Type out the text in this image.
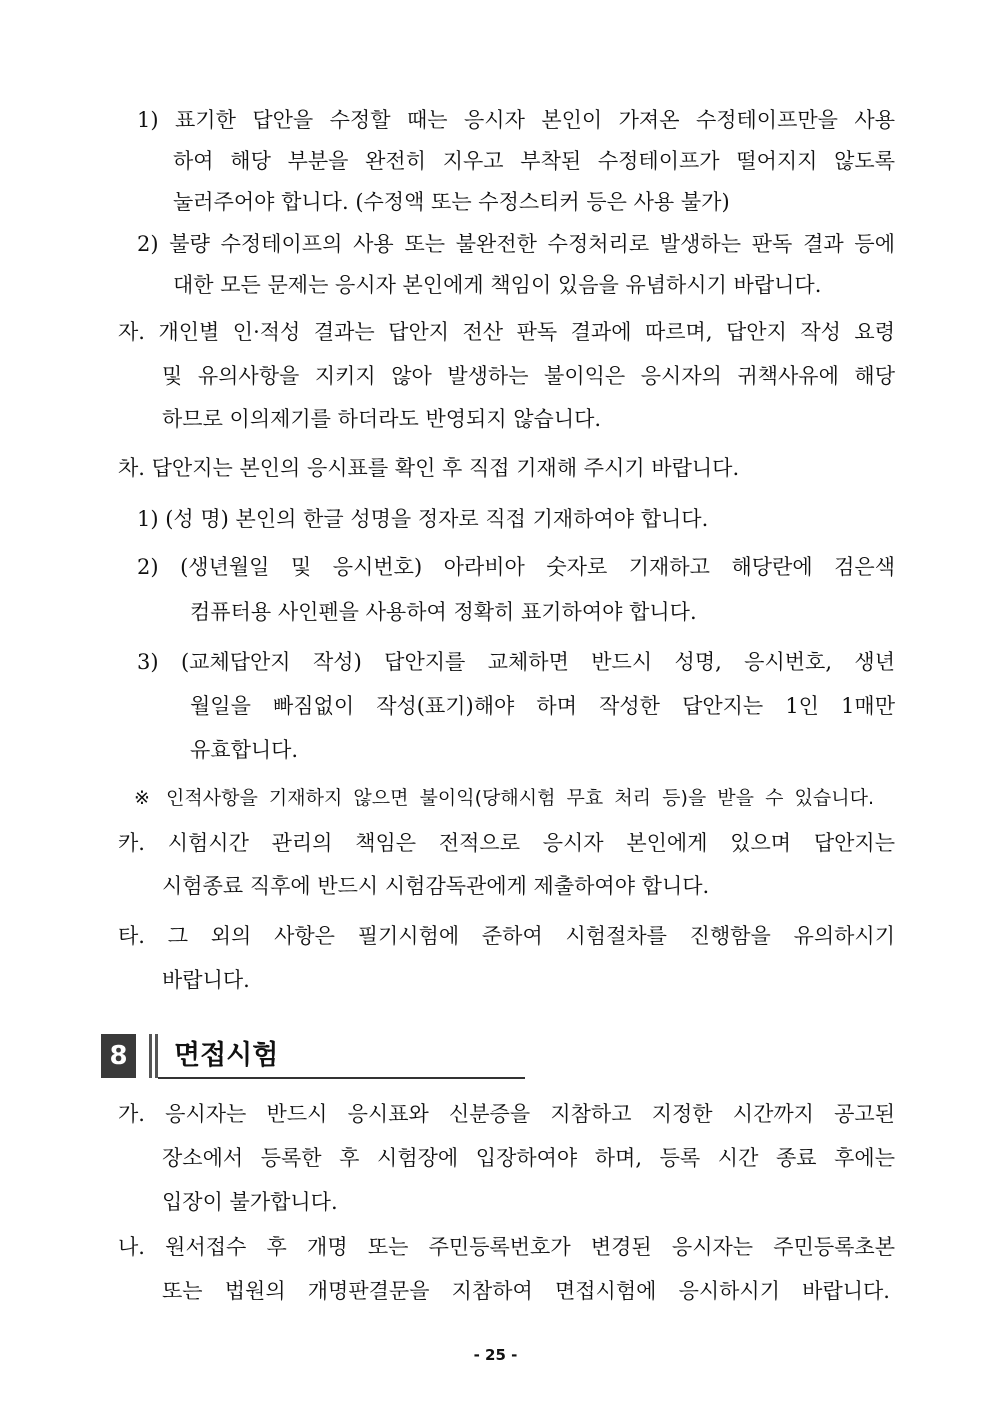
1) 표기한 답안을 수정할 때는 응시자 본인이 가져온 수정테이프만을 사용
하여 해당 부분을 완전히 지우고 부착된 수정테이프가 떨어지지 않도록
눌러주어야 합니다. (수정액 또는 수정스티커 등은 사용 불가)
2) 불량 수정테이프의 사용 또는 불완전한 수정처리로 발생하는 판독 결과 등에
대한 모든 문제는 응시자 본인에게 책임이 있음을 유념하시기 바랍니다.
자. 개인별 인·적성 결과는 답안지 전산 판독 결과에 따르며, 답안지 작성 요령
및 유의사항을 지키지 않아 발생하는 불이익은 응시자의 귀책사유에 해당
하므로 이의제기를 하더라도 반영되지 않습니다.
차. 답안지는 본인의 응시표를 확인 후 직접 기재해 주시기 바랍니다.
1) (성 명) 본인의 한글 성명을 정자로 직접 기재하여야 합니다.
2) (생년월일 및 응시번호) 아라비아 숫자로 기재하고 해당란에 검은색
컴퓨터용 사인펜을 사용하여 정확히 표기하여야 합니다.
3) (교체답안지 작성) 답안지를 교체하면 반드시 성명, 응시번호, 생년
월일을 빠짐없이 작성(표기)해야 하며 작성한 답안지는 1인 1매만
유효합니다.
※ 인적사항을 기재하지 않으면 불이익(당해시험 무효 처리 등)을 받을 수 있습니다.
카. 시험시간 관리의 책임은 전적으로 응시자 본인에게 있으며 답안지는
시험종료 직후에 반드시 시험감독관에게 제출하여야 합니다.
타. 그 외의 사항은 필기시험에 준하여 시험절차를 진행함을 유의하시기
바랍니다.
8	면접시험
가. 응시자는 반드시 응시표와 신분증을 지참하고 지정한 시간까지 공고된
장소에서 등록한 후 시험장에 입장하여야 하며, 등록 시간 종료 후에는
입장이 불가합니다.
나. 원서접수 후 개명 또는 주민등록번호가 변경된 응시자는 주민등록초본
또는 법원의 개명판결문을 지참하여 면접시험에 응시하시기 바랍니다.
- 25 -
